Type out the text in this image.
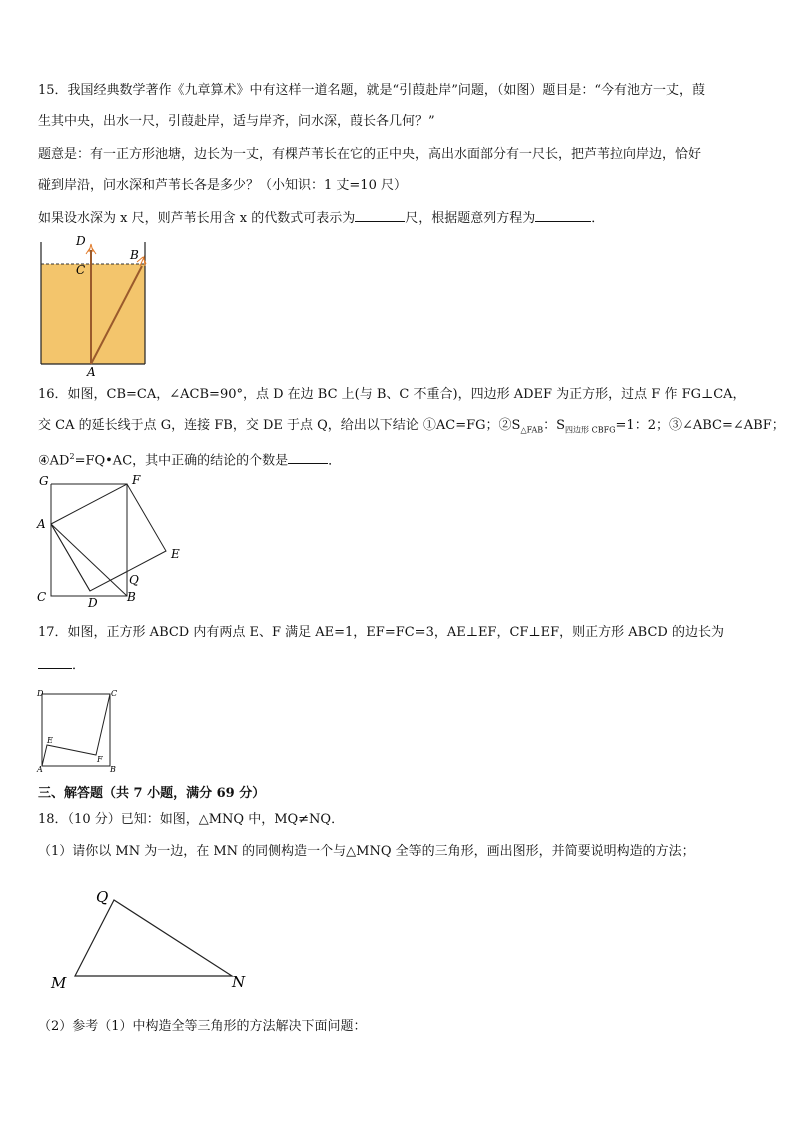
15．我国经典数学著作《九章算术》中有这样一道名题，就是“引葭赴岸”问题，（如图）题目是：“今有池方一丈，葭
生其中央，出水一尺，引葭赴岸，适与岸齐，问水深，葭长各几何？”
题意是：有一正方形池塘，边长为一丈，有棵芦苇长在它的正中央，高出水面部分有一尺长，把芦苇拉向岸边，恰好
碰到岸沿，问水深和芦苇长各是多少？（小知识：1 丈=10 尺）
如果设水深为 x 尺，则芦苇长用含 x 的代数式可表示为	尺，根据题意列方程为	．
D
C
B
A
16．如图，CB=CA，∠ACB=90°，点 D 在边 BC 上(与 B、C 不重合)，四边形 ADEF 为正方形，过点 F 作 FG⊥CA，
交 CA 的延长线于点 G，连接 FB，交 DE 于点 Q，给出以下结论 ①AC=FG；$②S_{\triangle FAB}$：$S_{四边形 CBFG}=1$：2；③∠ABC=∠ABF；
$④AD^2=FQ•AC$，其中正确的结论的个数是	．
G	F
A
E
Q
C	D B
17．如图，正方形 ABCD 内有两点 E、F 满足 AE=1，EF=FC=3，AE⊥EF，CF⊥EF，则正方形 ABCD 的边长为
．
D	C
E
F
A	B
三、解答题（共 7 小题，满分 69 分）
18．（10 分）已知：如图，△MNQ 中，MQ≠NQ．
（1）请你以 MN 为一边，在 MN 的同侧构造一个与△MNQ 全等的三角形，画出图形，并简要说明构造的方法；
Q
M	N
（2）参考（1）中构造全等三角形的方法解决下面问题：
